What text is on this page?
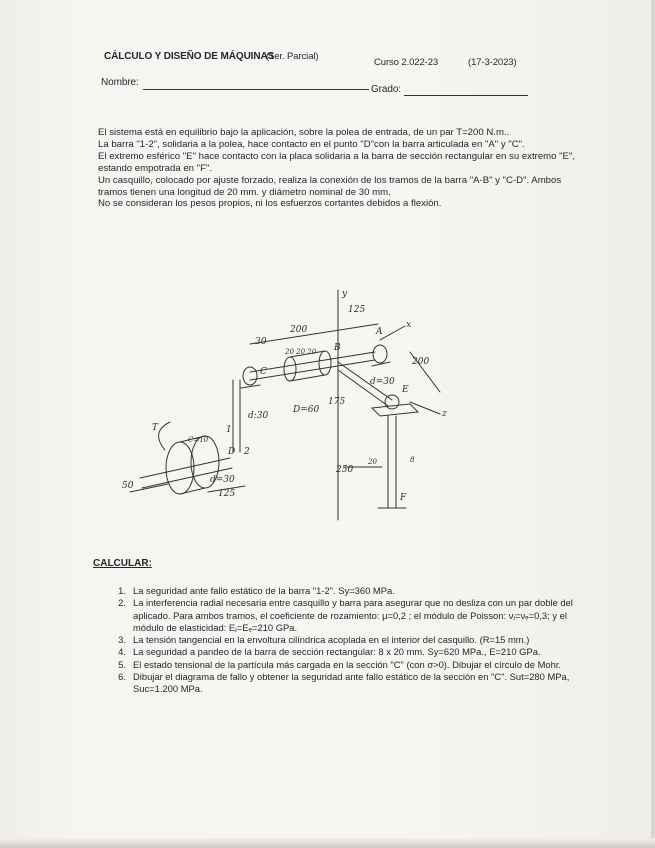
CÁLCULO Y DISEÑO DE MÁQUINAS
(1er. Parcial)
Curso 2.022-23	(17-3-2023)
Nombre:
Grado:

El sistema está en equilibrio bajo la aplicación, sobre la polea de entrada, de un par T=200 N.m..

La barra "1-2", solidaria a la polea, hace contacto en el punto "D"con la barra articulada en "A" y "C".

El extremo esférico "E" hace contacto con la placa solidaria a la barra de sección rectangular en su extremo "E", estando empotrada en "F".

Un casquillo, colocado por ajuste forzado, realiza la conexión de los tramos de la barra "A-B" y "C-D". Ambos tramos tienen una longitud de 20 mm. y diámetro nominal de 30 mm.

No se consideran los pesos propios, ni los esfuerzos cortantes debidos a flexión.

y
x
z
A
B
C
D
E
F
T	1
2
d=30
d:30
d=30
D=60
125
125
175
200
200
30
20 20 20
250
20
50
C=10
8
CALCULAR:
1. La seguridad ante fallo estático de la barra "1-2". Sy=360 MPa.
2. La interferencia radial necesaria entre casquillo y barra para asegurar que no desliza con un par doble del aplicado. Para ambos tramos, el coeficiente de rozamiento: μ=0,2 ; el módulo de Poisson: νⱼ=νₑ=0,3; y el módulo de elasticidad: Eⱼ=Eₑ=210 GPa.
3. La tensión tangencial en la envoltura cilíndrica acoplada en el interior del casquillo. (R=15 mm.)
4. La seguridad a pandeo de la barra de sección rectangular: 8 x 20 mm. Sy=620 MPa., E=210 GPa.
5. El estado tensional de la partícula más cargada en la sección "C" (con σ>0). Dibujar el círculo de Mohr.
6. Dibujar el diagrama de fallo y obtener la seguridad ante fallo estático de la sección en "C". Sut=280 MPa, Suc=1.200 MPa.
